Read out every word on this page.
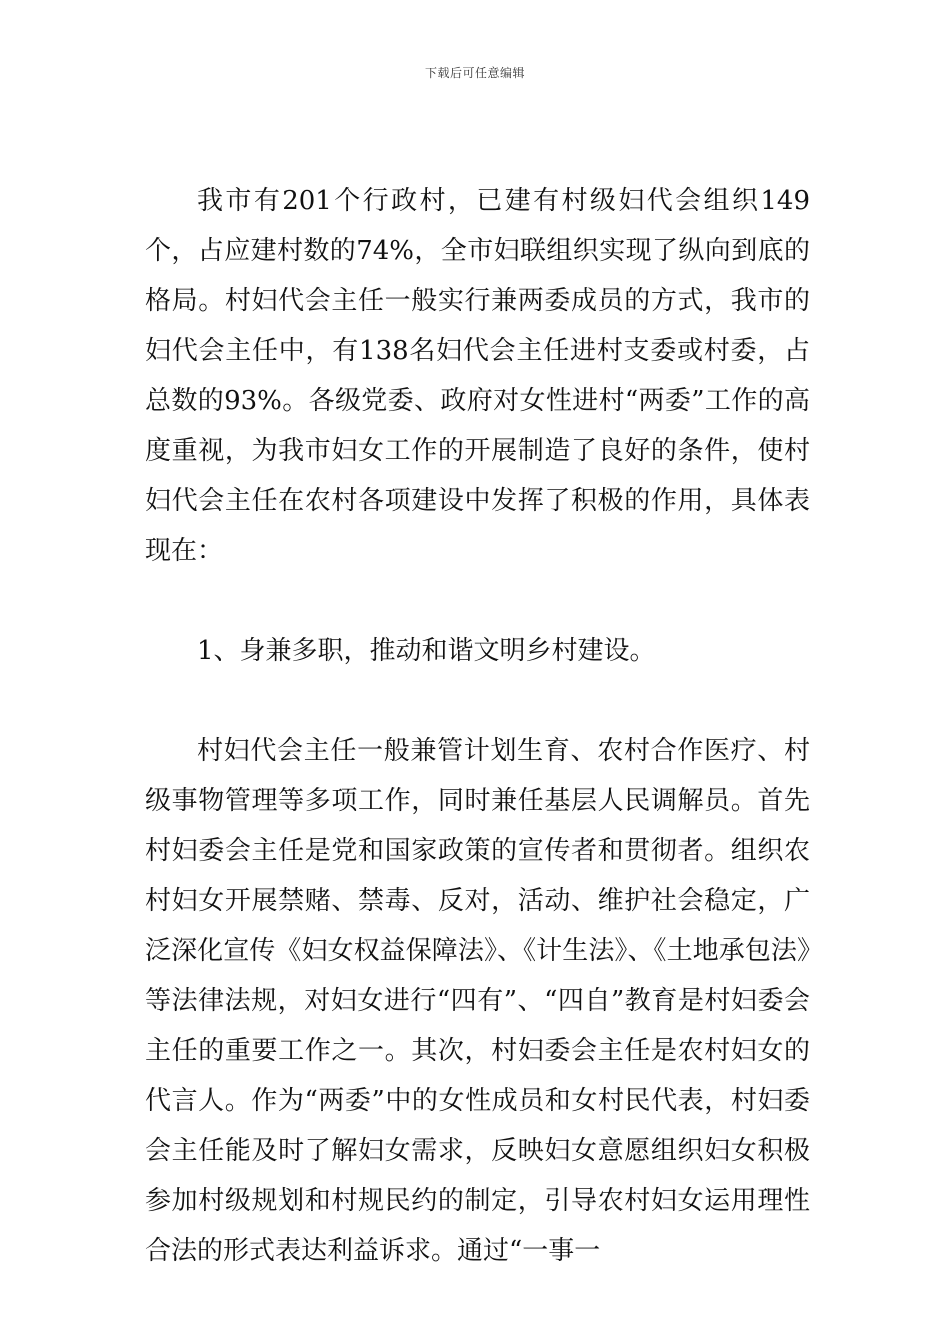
下载后可任意编辑

我市有201个行政村，已建有村级妇代会组织149个，占应建村数的74%，全市妇联组织实现了纵向到底的格局。村妇代会主任一般实行兼两委成员的方式，我市的妇代会主任中，有138名妇代会主任进村支委或村委，占总数的93%。各级党委、政府对女性进村“两委”工作的高度重视，为我市妇女工作的开展制造了良好的条件，使村妇代会主任在农村各项建设中发挥了积极的作用，具体表现在：

1、身兼多职，推动和谐文明乡村建设。

村妇代会主任一般兼管计划生育、农村合作医疗、村级事物管理等多项工作，同时兼任基层人民调解员。首先村妇委会主任是党和国家政策的宣传者和贯彻者。组织农村妇女开展禁赌、禁毒、反对，活动、维护社会稳定，广泛深化宣传《妇女权益保障法》、《计生法》、《土地承包法》等法律法规，对妇女进行“四有”、“四自”教育是村妇委会主任的重要工作之一。其次，村妇委会主任是农村妇女的代言人。作为“两委”中的女性成员和女村民代表，村妇委会主任能及时了解妇女需求，反映妇女意愿组织妇女积极参加村级规划和村规民约的制定，引导农村妇女运用理性合法的形式表达利益诉求。通过“一事一
